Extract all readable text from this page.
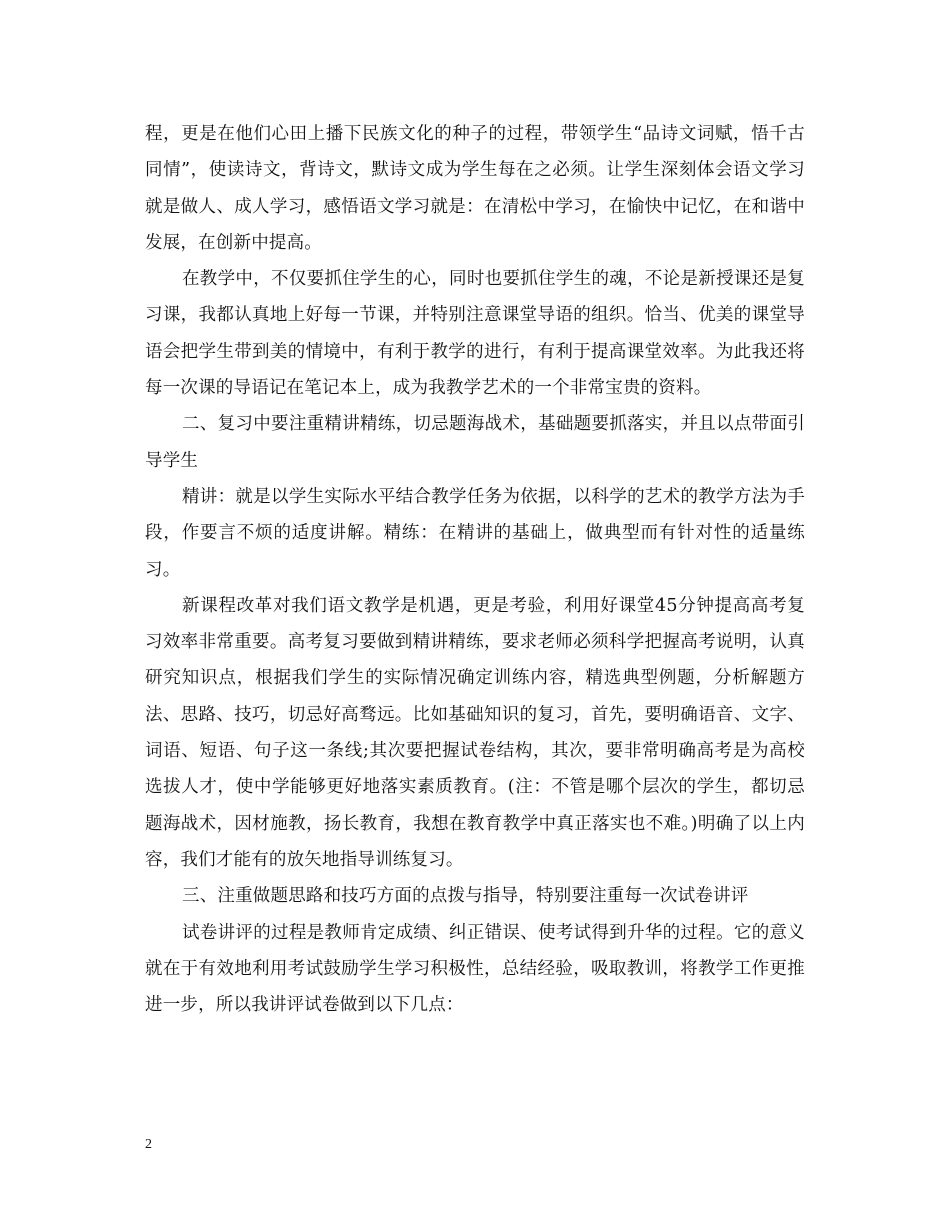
程，更是在他们心田上播下民族文化的种子的过程，带领学生“品诗文词赋，悟千古同情”，使读诗文，背诗文，默诗文成为学生每在之必须。让学生深刻体会语文学习就是做人、成人学习，感悟语文学习就是：在清松中学习，在愉快中记忆，在和谐中发展，在创新中提高。

在教学中，不仅要抓住学生的心，同时也要抓住学生的魂，不论是新授课还是复习课，我都认真地上好每一节课，并特别注意课堂导语的组织。恰当、优美的课堂导语会把学生带到美的情境中，有利于教学的进行，有利于提高课堂效率。为此我还将每一次课的导语记在笔记本上，成为我教学艺术的一个非常宝贵的资料。

二、复习中要注重精讲精练，切忌题海战术，基础题要抓落实，并且以点带面引导学生

精讲：就是以学生实际水平结合教学任务为依据，以科学的艺术的教学方法为手段，作要言不烦的适度讲解。精练：在精讲的基础上，做典型而有针对性的适量练习。

新课程改革对我们语文教学是机遇，更是考验，利用好课堂45分钟提高高考复习效率非常重要。高考复习要做到精讲精练，要求老师必须科学把握高考说明，认真研究知识点，根据我们学生的实际情况确定训练内容，精选典型例题，分析解题方法、思路、技巧，切忌好高骛远。比如基础知识的复习，首先，要明确语音、文字、词语、短语、句子这一条线;其次要把握试卷结构，其次，要非常明确高考是为高校选拔人才，使中学能够更好地落实素质教育。(注：不管是哪个层次的学生，都切忌题海战术，因材施教，扬长教育，我想在教育教学中真正落实也不难。)明确了以上内容，我们才能有的放矢地指导训练复习。

三、注重做题思路和技巧方面的点拨与指导，特别要注重每一次试卷讲评

试卷讲评的过程是教师肯定成绩、纠正错误、使考试得到升华的过程。它的意义就在于有效地利用考试鼓励学生学习积极性，总结经验，吸取教训，将教学工作更推进一步，所以我讲评试卷做到以下几点：

2
